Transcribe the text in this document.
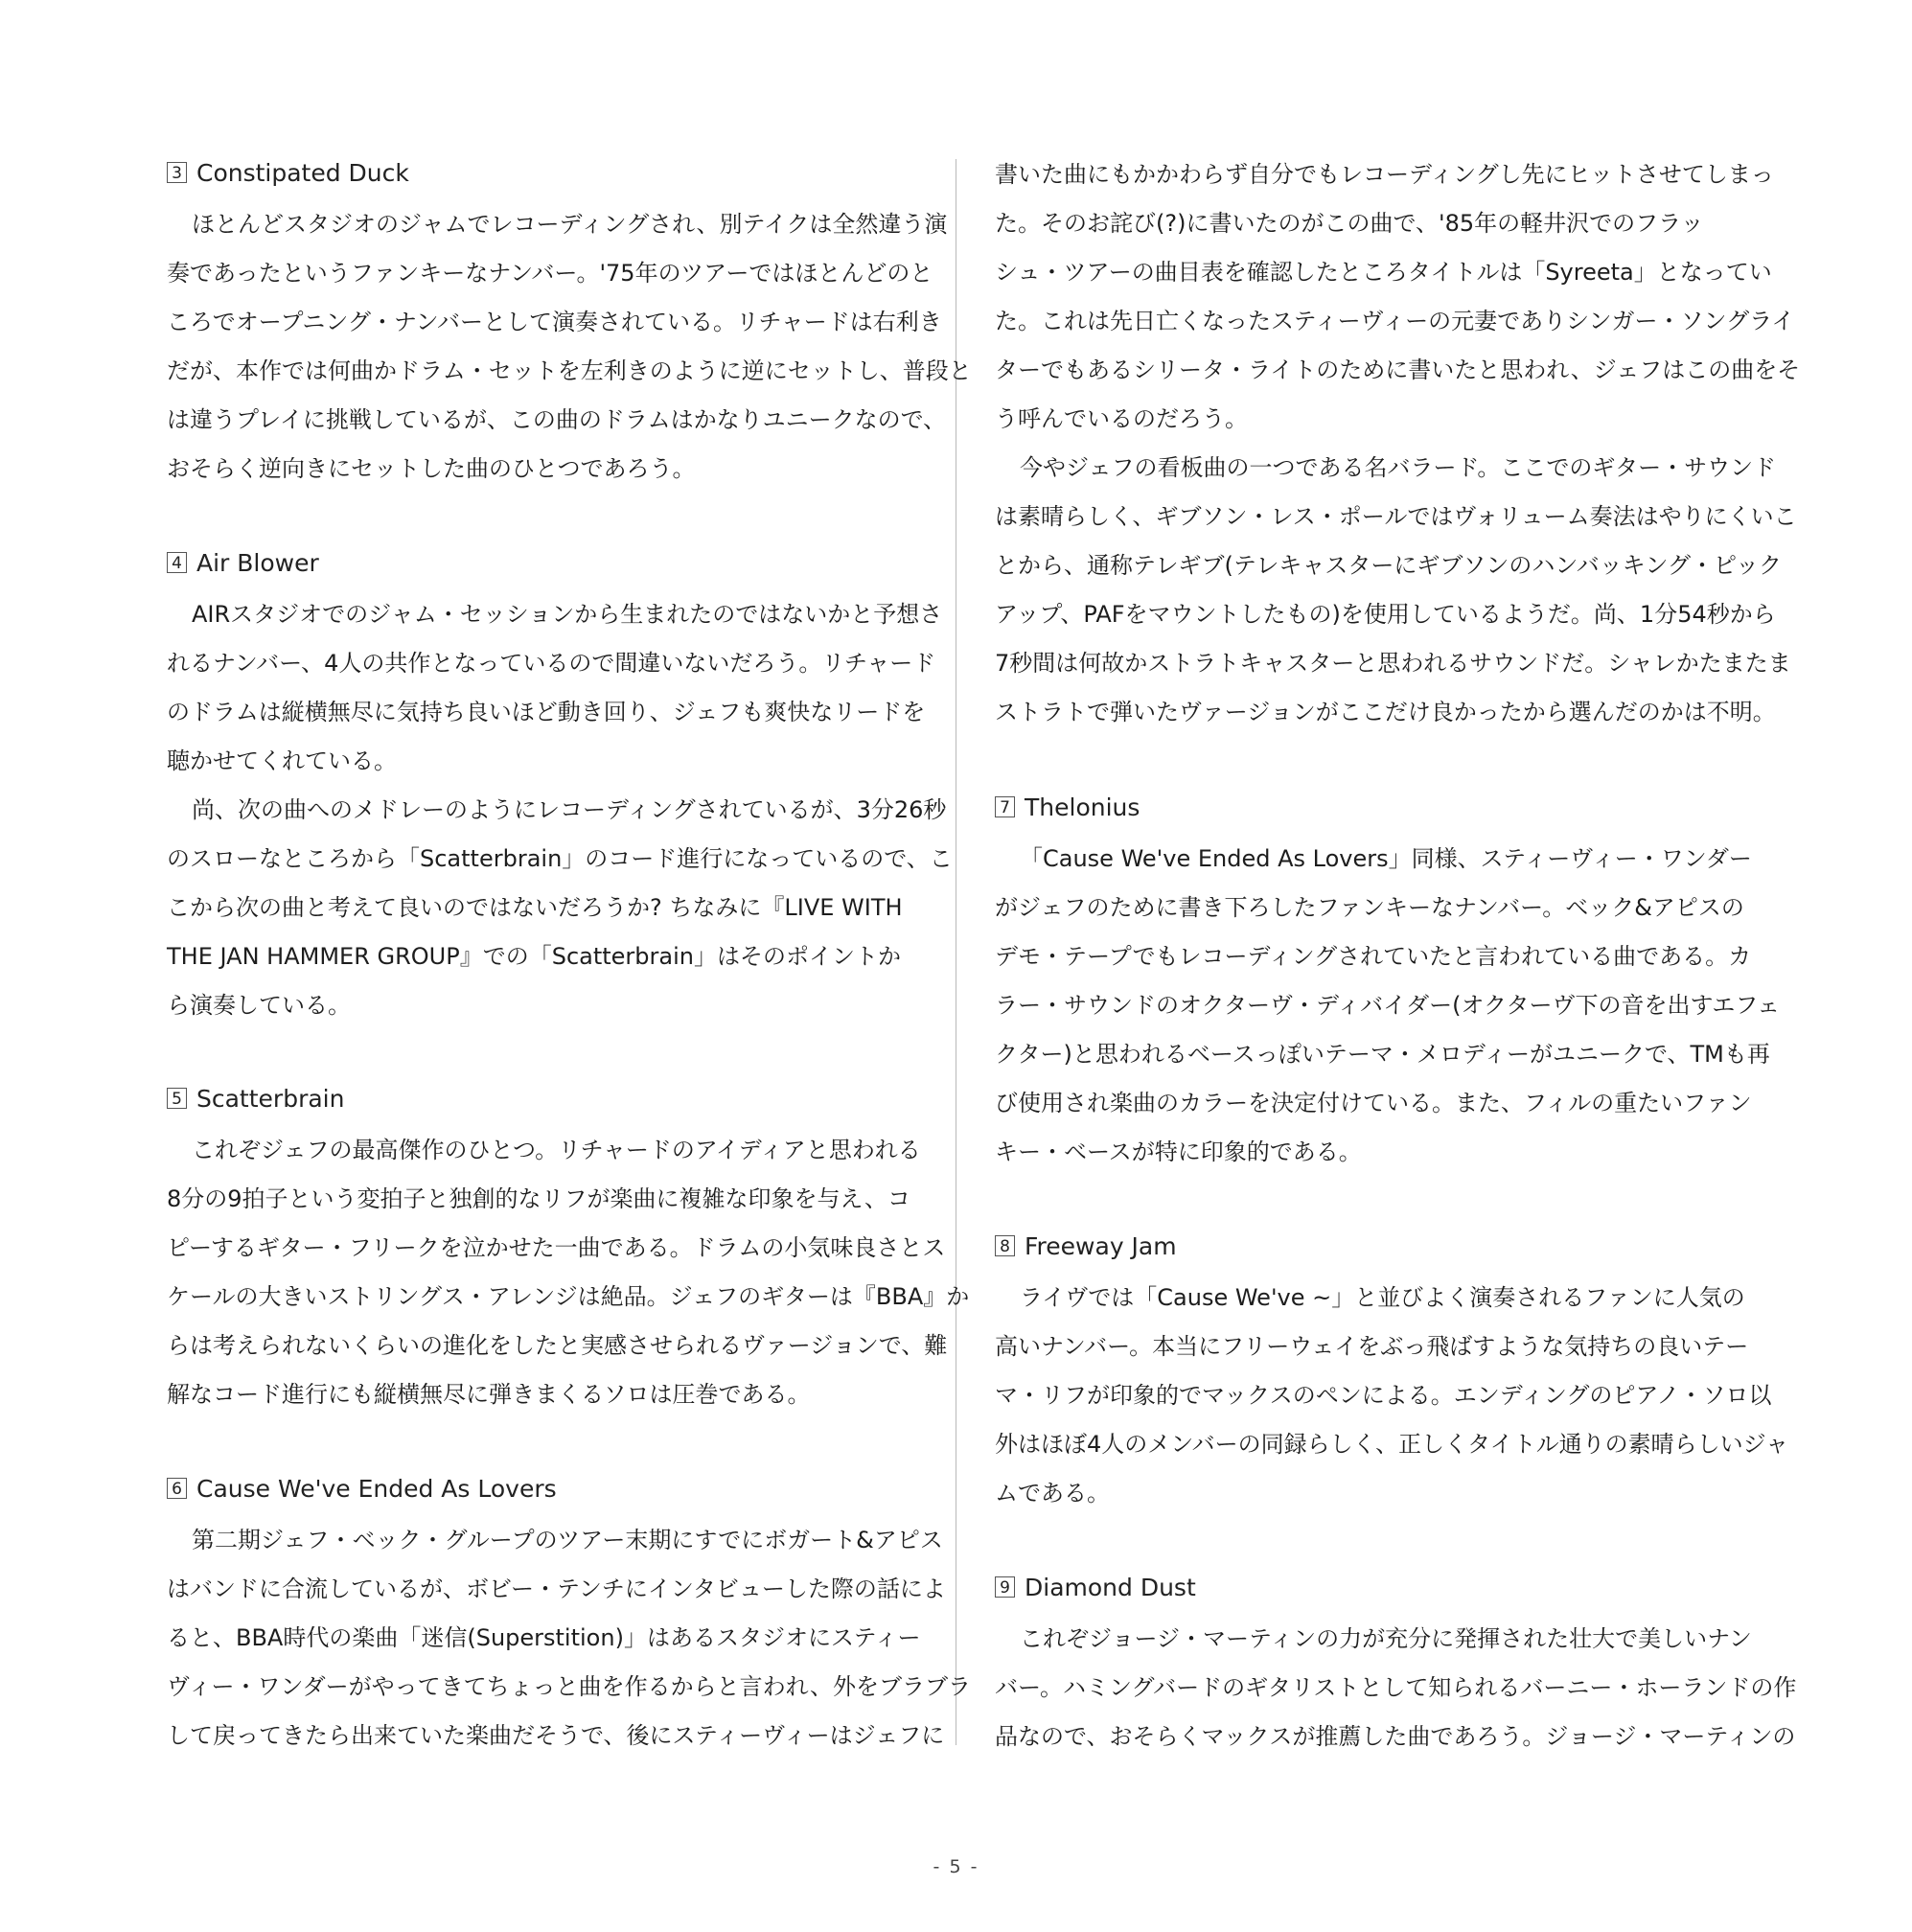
3 Constipated Duck
ほとんどスタジオのジャムでレコーディングされ、別テイクは全然違う演
奏であったというファンキーなナンバー。'75年のツアーではほとんどのと
ころでオープニング・ナンバーとして演奏されている。リチャードは右利き
だが、本作では何曲かドラム・セットを左利きのように逆にセットし、普段と
は違うプレイに挑戦しているが、この曲のドラムはかなりユニークなので、
おそらく逆向きにセットした曲のひとつであろう。
4 Air Blower
AIRスタジオでのジャム・セッションから生まれたのではないかと予想さ
れるナンバー、4人の共作となっているので間違いないだろう。リチャード
のドラムは縦横無尽に気持ち良いほど動き回り、ジェフも爽快なリードを
聴かせてくれている。
尚、次の曲へのメドレーのようにレコーディングされているが、3分26秒
のスローなところから「Scatterbrain」のコード進行になっているので、こ
こから次の曲と考えて良いのではないだろうか? ちなみに『LIVE WITH
THE JAN HAMMER GROUP』での「Scatterbrain」はそのポイントか
ら演奏している。
5 Scatterbrain
これぞジェフの最高傑作のひとつ。リチャードのアイディアと思われる
8分の9拍子という変拍子と独創的なリフが楽曲に複雑な印象を与え、コ
ピーするギター・フリークを泣かせた一曲である。ドラムの小気味良さとス
ケールの大きいストリングス・アレンジは絶品。ジェフのギターは『BBA』か
らは考えられないくらいの進化をしたと実感させられるヴァージョンで、難
解なコード進行にも縦横無尽に弾きまくるソロは圧巻である。
6 Cause We've Ended As Lovers
第二期ジェフ・ベック・グループのツアー末期にすでにボガート&アピス
はバンドに合流しているが、ボビー・テンチにインタビューした際の話によ
ると、BBA時代の楽曲「迷信(Superstition)」はあるスタジオにスティー
ヴィー・ワンダーがやってきてちょっと曲を作るからと言われ、外をブラブラ
して戻ってきたら出来ていた楽曲だそうで、後にスティーヴィーはジェフに
書いた曲にもかかわらず自分でもレコーディングし先にヒットさせてしまっ
た。そのお詫び(?)に書いたのがこの曲で、'85年の軽井沢でのフラッ
シュ・ツアーの曲目表を確認したところタイトルは「Syreeta」となってい
た。これは先日亡くなったスティーヴィーの元妻でありシンガー・ソングライ
ターでもあるシリータ・ライトのために書いたと思われ、ジェフはこの曲をそ
う呼んでいるのだろう。
今やジェフの看板曲の一つである名バラード。ここでのギター・サウンド
は素晴らしく、ギブソン・レス・ポールではヴォリューム奏法はやりにくいこ
とから、通称テレギブ(テレキャスターにギブソンのハンバッキング・ピック
アップ、PAFをマウントしたもの)を使用しているようだ。尚、1分54秒から
7秒間は何故かストラトキャスターと思われるサウンドだ。シャレかたまたま
ストラトで弾いたヴァージョンがここだけ良かったから選んだのかは不明。
7 Thelonius
「Cause We've Ended As Lovers」同様、スティーヴィー・ワンダー
がジェフのために書き下ろしたファンキーなナンバー。ベック&アピスの
デモ・テープでもレコーディングされていたと言われている曲である。カ
ラー・サウンドのオクターヴ・ディバイダー(オクターヴ下の音を出すエフェ
クター)と思われるベースっぽいテーマ・メロディーがユニークで、TMも再
び使用され楽曲のカラーを決定付けている。また、フィルの重たいファン
キー・ベースが特に印象的である。
8 Freeway Jam
ライヴでは「Cause We've ~」と並びよく演奏されるファンに人気の
高いナンバー。本当にフリーウェイをぶっ飛ばすような気持ちの良いテー
マ・リフが印象的でマックスのペンによる。エンディングのピアノ・ソロ以
外はほぼ4人のメンバーの同録らしく、正しくタイトル通りの素晴らしいジャ
ムである。
9 Diamond Dust
これぞジョージ・マーティンの力が充分に発揮された壮大で美しいナン
バー。ハミングバードのギタリストとして知られるバーニー・ホーランドの作
品なので、おそらくマックスが推薦した曲であろう。ジョージ・マーティンの
- 5 -
